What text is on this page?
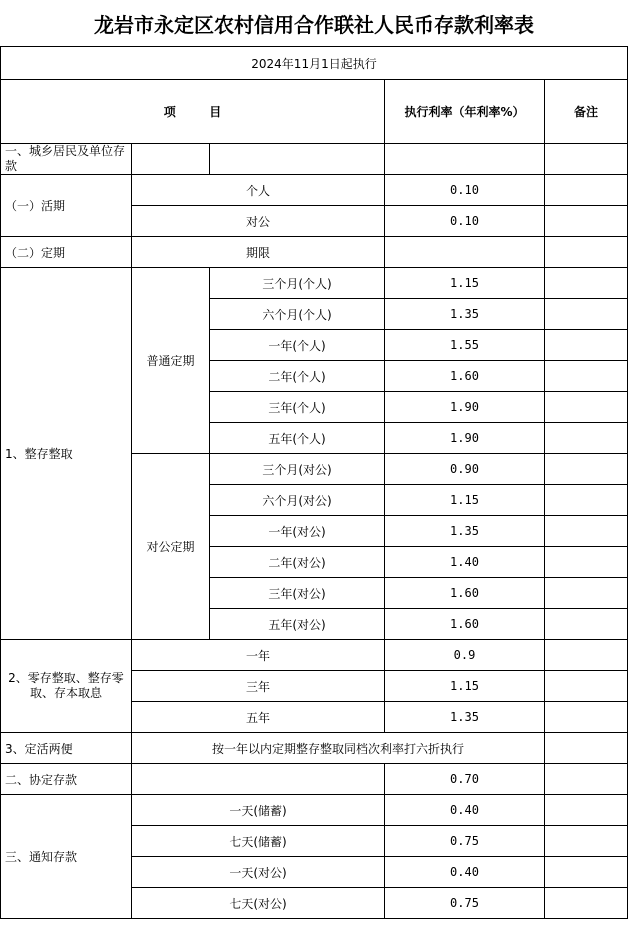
龙岩市永定区农村信用合作联社人民币存款利率表				
2024年11月1日起执行				
项        目			执行利率（年利率%）	备注
一、城乡居民及单位存款				
（一）活期	个人		0.10	
	对公		0.10	
（二）定期	期限			
1、整存整取	普通定期	三个月(个人)	1.15	
		六个月(个人)	1.35	
		一年(个人)	1.55	
		二年(个人)	1.60	
		三年(个人)	1.90	
		五年(个人)	1.90	
	对公定期	三个月(对公)	0.90	
		六个月(对公)	1.15	
		一年(对公)	1.35	
		二年(对公)	1.40	
		三年(对公)	1.60	
		五年(对公)	1.60	
2、零存整取、整存零取、存本取息	一年		0.9	
	三年		1.15	
	五年		1.35	
3、定活两便	按一年以内定期整存整取同档次利率打六折执行			
二、协定存款			0.70	
三、通知存款	一天(储蓄)		0.40	
	七天(储蓄)		0.75	
	一天(对公)		0.40	
	七天(对公)		0.75	
